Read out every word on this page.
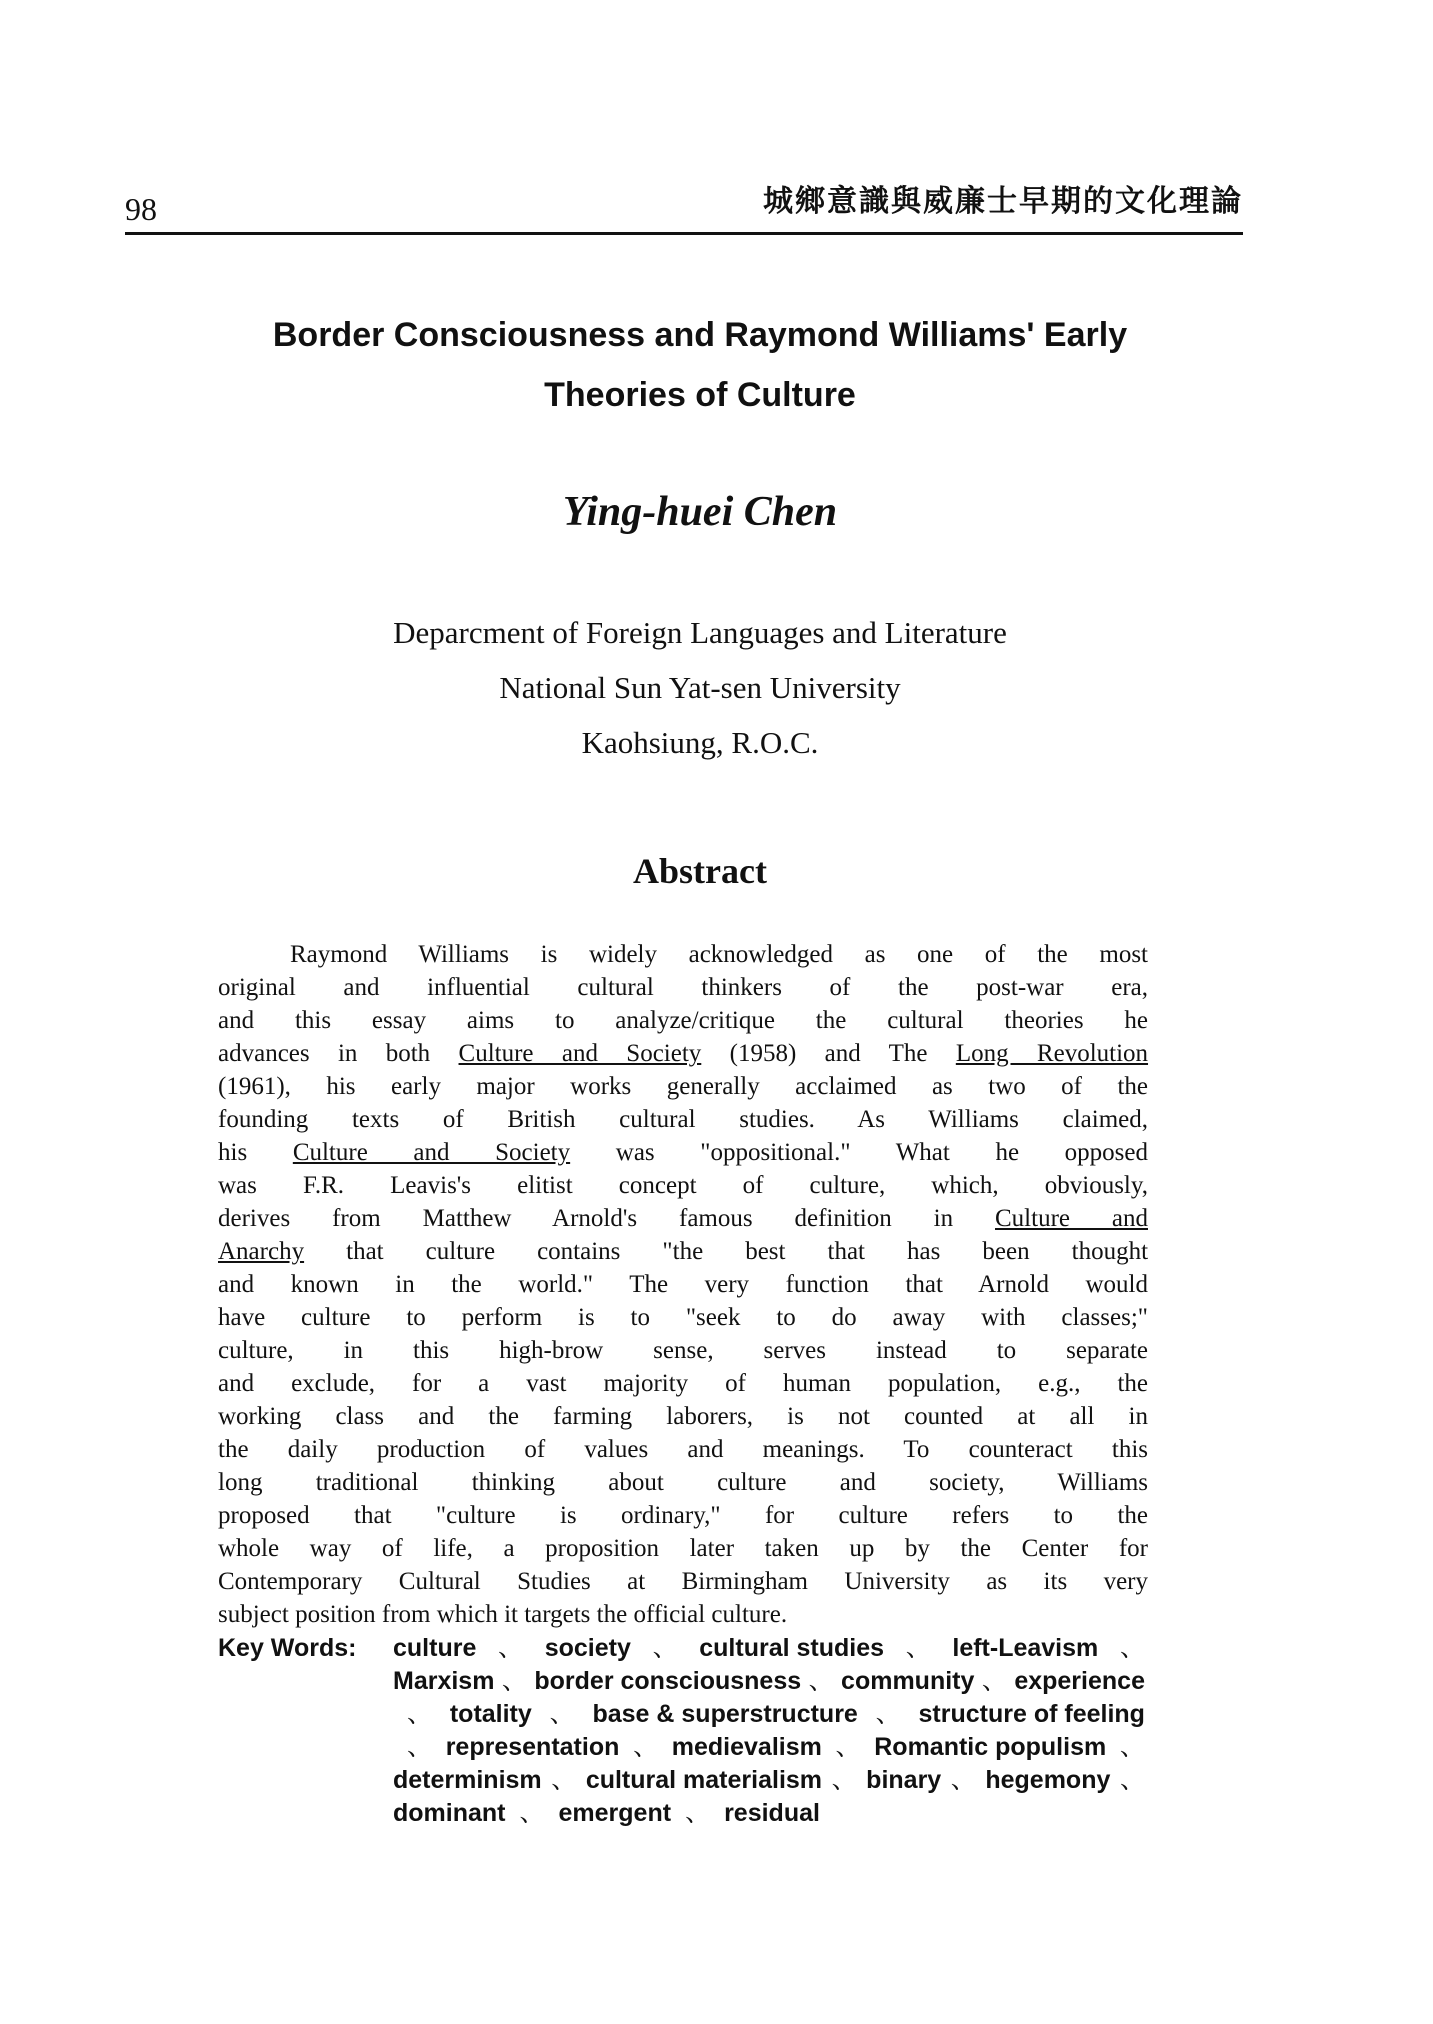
98	城鄉意識與威廉士早期的文化理論
Border Consciousness and Raymond Williams' Early
Theories of Culture
Ying-huei Chen
Deparcment of Foreign Languages and Literature
National Sun Yat-sen University
Kaohsiung, R.O.C.
Abstract
Raymond Williams is widely acknowledged as one of the most
original and influential cultural thinkers of the post-war era,
and this essay aims to analyze/critique the cultural theories he
advances in both Culture and Society (1958) and The Long Revolution
(1961), his early major works generally acclaimed as two of the
founding texts of British cultural studies. As Williams claimed,
his Culture and Society was "oppositional." What he opposed
was F.R. Leavis's elitist concept of culture, which, obviously,
derives from Matthew Arnold's famous definition in Culture and
Anarchy that culture contains "the best that has been thought
and known in the world." The very function that Arnold would
have culture to perform is to "seek to do away with classes;"
culture, in this high-brow sense, serves instead to separate
and exclude, for a vast majority of human population, e.g., the
working class and the farming laborers, is not counted at all in
the daily production of values and meanings. To counteract this
long traditional thinking about culture and society, Williams
proposed that "culture is ordinary," for culture refers to the
whole way of life, a proposition later taken up by the Center for
Contemporary Cultural Studies at Birmingham University as its very
subject position from which it targets the official culture.
Key Words: culture 、 society 、 cultural studies 、 left-Leavism 、
Marxism 、 border consciousness 、 community 、 experience
、 totality 、 base & superstructure 、 structure of feeling
、 representation 、 medievalism 、 Romantic populism 、
determinism 、 cultural materialism 、 binary 、 hegemony 、
dominant 、 emergent 、 residual
